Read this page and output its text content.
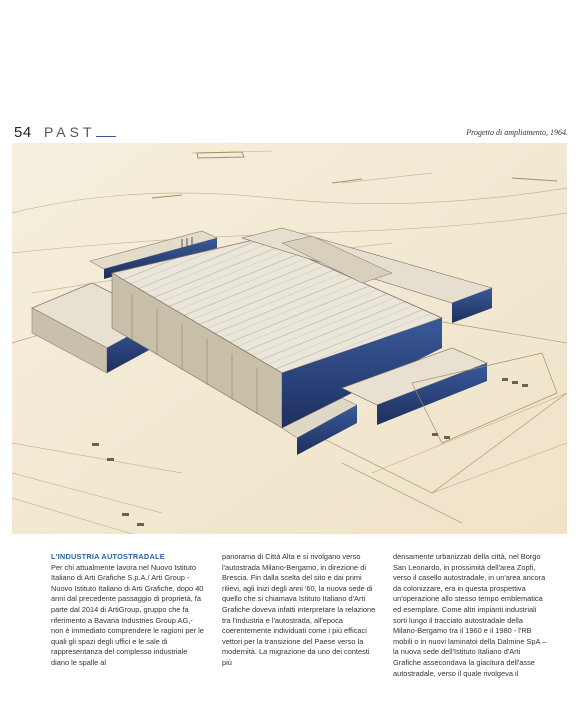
54 PAST	Progetto di ampliamento, 1964.

L'INDUSTRIA AUTOSTRADALE

Per chi attualmente lavora nel Nuovo Istituto Italiano di Arti Grafiche S.p.A./ Arti Group - Nuovo Istituto Italiano di Arti Grafiche, dopo 40 anni dal precedente passaggio di proprietà, fa parte dal 2014 di ArtiGroup, gruppo che fa riferimento a Bavaria Industries Group AG,- non è immediato comprendere le ragioni per le quali gli spazi degli uffici e le sale di rappresentanza del complesso industriale diano le spalle al

panorama di Città Alta e si rivolgano verso l'autostrada Milano-Bergamo, in direzione di Brescia. Fin dalla scelta del sito e dai primi rilievi, agli inizi degli anni '60, la nuova sede di quello che si chiamava Istituto Italiano d'Arti Grafiche doveva infatti interpretare la relazione tra l'industria e l'autostrada, all'epoca coerentemente individuati come i più efficaci vettori per la transizione del Paese verso la modernità. La migrazione da uno dei contesti più

densamente urbanizzati della città, nel Borgo San Leonardo, in prossimità dell'area Zopfi, verso il casello autostradale, in un'area ancora da colonizzare, era in questa prospettiva un'operazione allo stesso tempo emblematica ed esemplare. Come altri impianti industriali sorti lungo il tracciato autostradale della Milano-Bergamo tra il 1960 e il 1980 - l'RB mobili o in nuovi laminatoi della Dalmine SpA – la nuova sede dell'Istituto Italiano d'Arti Grafiche assecondava la giacitura dell'asse autostradale, verso il quale rivolgeva il
